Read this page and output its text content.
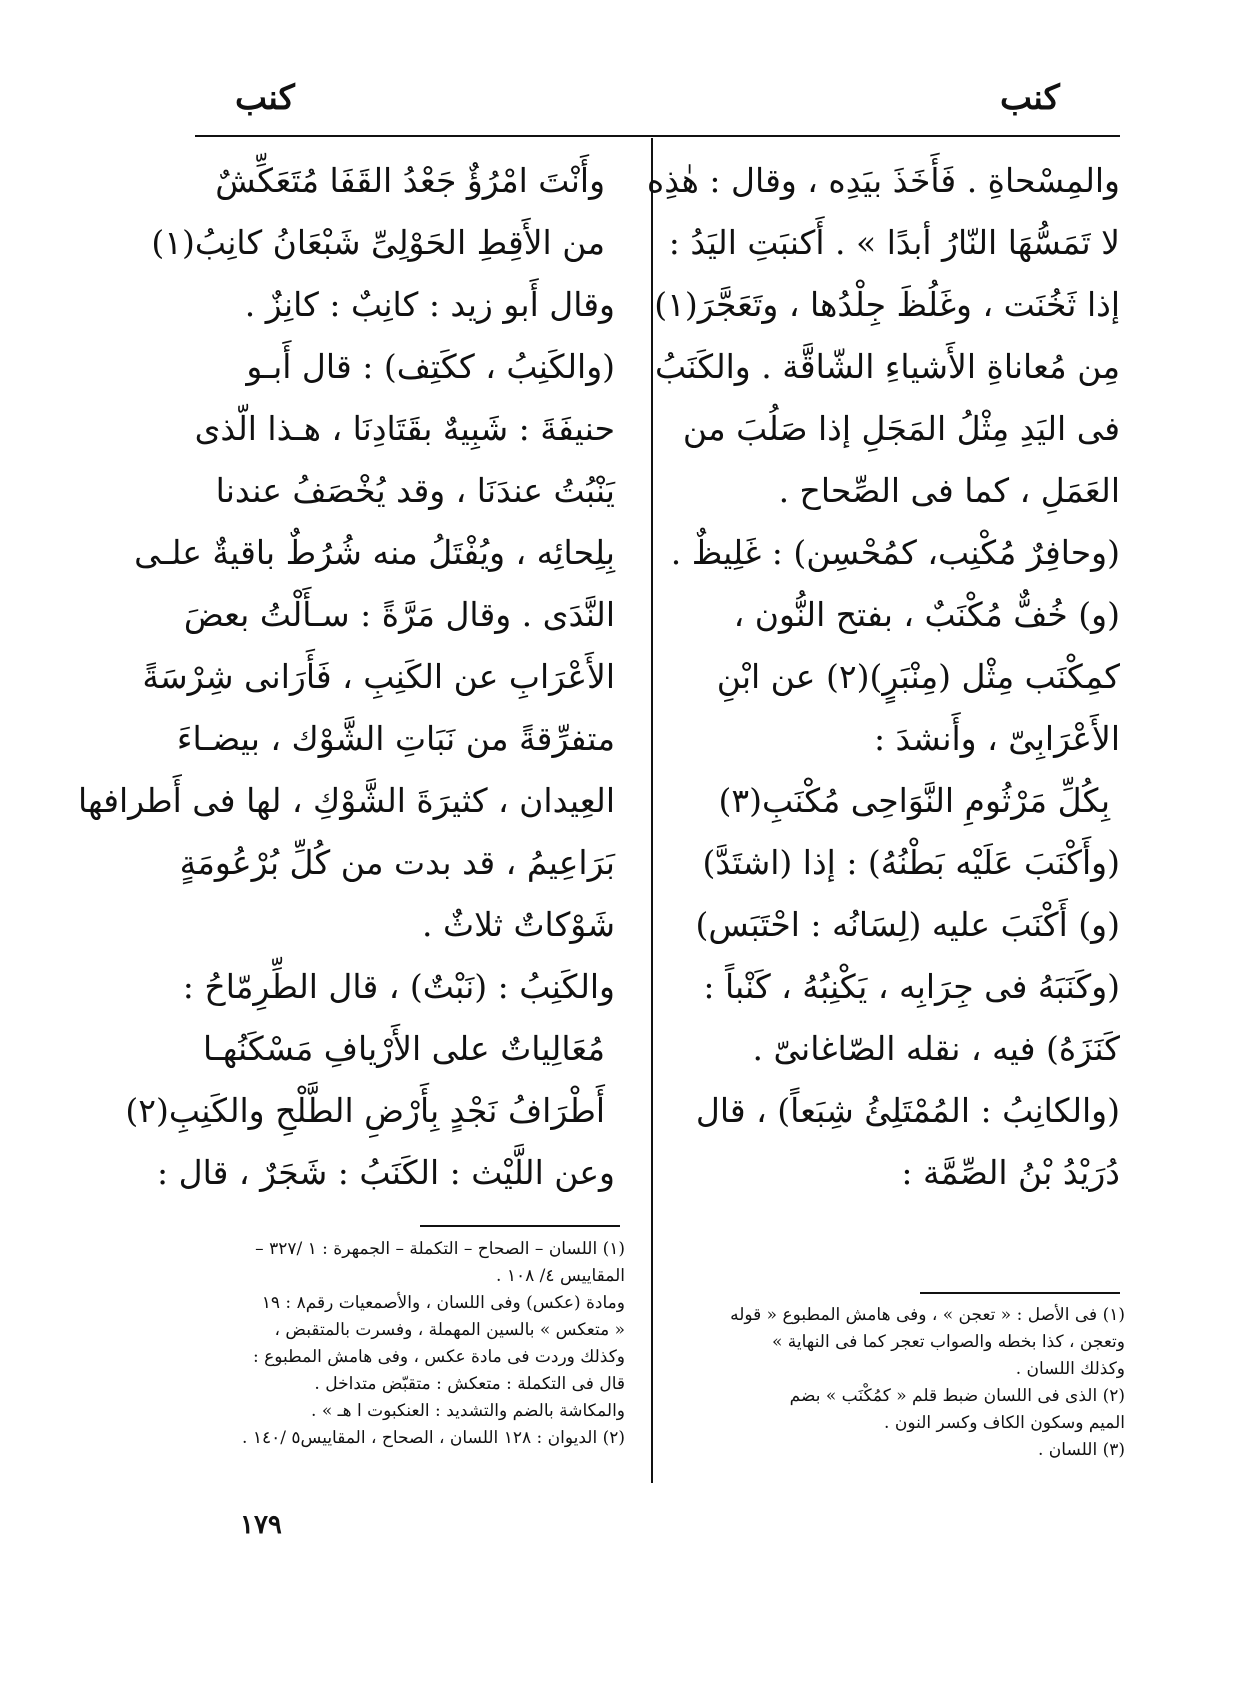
كنب
كنب
والمِسْحاةِ . فَأَخَذَ بيَدِه ، وقال : هٰذِه
لا تَمَسُّهَا النّارُ أبدًا » . أَكنبَتِ اليَدُ :
إذا ثَخُنَت ، وغَلُظَ جِلْدُها ، وتَعَجَّرَ(١)
مِن مُعاناةِ الأَشياءِ الشّاقَّة . والكَنَبُ
فى اليَدِ مِثْلُ المَجَلِ إذا صَلُبَ من
العَمَلِ ، كما فى الصِّحاح .
(وحافِرٌ مُكْنِب، كمُحْسِن) : غَلِيظٌ .
(و) خُفٌّ مُكْنَبٌ ، بفتح النُّون ،
كمِكْنَب مِثْل (مِنْبَرٍ)(٢) عن ابْنِ
الأَعْرَابِىّ ، وأَنشدَ :
بِكُلِّ مَرْثُومِ النَّوَاحِى مُكْنَبِ(٣)
(وأَكْنَبَ عَلَيْه بَطْنُهُ) : إذا (اشتَدَّ)
(و) أَكْنَبَ عليه (لِسَانُه : احْتَبَس)
(وكَنَبَهُ فى جِرَابِه ، يَكْنِبُهُ ، كَنْباً :
كَنَزَهُ) فيه ، نقله الصّاغانىّ .
(والكانِبُ : المُمْتَلِئُ شِبَعاً) ، قال
دُرَيْدُ بْنُ الصِّمَّة :
وأَنْتَ امْرُؤٌ جَعْدُ القَفَا مُتَعَكِّشٌ
من الأَقِطِ الحَوْلِىِّ شَبْعَانُ كانِبُ(١)
وقال أَبو زيد : كانِبٌ : كانِزٌ .
(والكَنِبُ ، ككَتِف) : قال أَبـو
حنيفَةَ : شَبِيهٌ بقَتَادِنَا ، هـذا الّذى
يَنْبُتُ عندَنَا ، وقد يُخْصَفُ عندنا
بِلِحائِه ، ويُفْتَلُ منه شُرُطٌ باقيةٌ علـى
النَّدَى . وقال مَرَّةً : سـأَلْتُ بعضَ
الأَعْرَابِ عن الكَنِبِ ، فَأَرَانى شِرْسَةً
متفرِّقةً من نَبَاتِ الشَّوْك ، بيضـاءَ
العِيدان ، كثيرَةَ الشَّوْكِ ، لها فى أَطرافها
بَرَاعِيمُ ، قد بدت من كُلِّ بُرْعُومَةٍ
شَوْكاتٌ ثلاثٌ .
والكَنِبُ : (نَبْتٌ) ، قال الطِّرِمّاحُ :
مُعَالِياتٌ على الأَرْيافِ مَسْكَنُهـا
أَطْرَافُ نَجْدٍ بِأَرْضِ الطَّلْحِ والكَنِبِ(٢)
وعن اللَّيْث : الكَنَبُ : شَجَرٌ ، قال :
(١) فى الأصل : « تعجن » ، وفى هامش المطبوع « قوله
وتعجن ، كذا بخطه والصواب تعجر كما فى النهاية »
وكذلك اللسان .
(٢) الذى فى اللسان ضبط قلم « كمُكْنَب » بضم
الميم وسكون الكاف وكسر النون .
(٣) اللسان .
(١) اللسان – الصحاح – التكملة – الجمهرة : ١ /٣٢٧ –
المقاييس ٤/ ١٠٨ .
ومادة (عكس) وفى اللسان ، والأصمعيات رقم٨ : ١٩
« متعكس » بالسين المهملة ، وفسرت بالمتقبض ،
وكذلك وردت فى مادة عكس ، وفى هامش المطبوع :
قال فى التكملة : متعكش : متقبّض متداخل .
والمكاشة بالضم والتشديد : العنكبوت ا هـ » .
(٢) الديوان : ١٢٨ اللسان ، الصحاح ، المقاييس٥ /١٤٠ .
١٧٩
